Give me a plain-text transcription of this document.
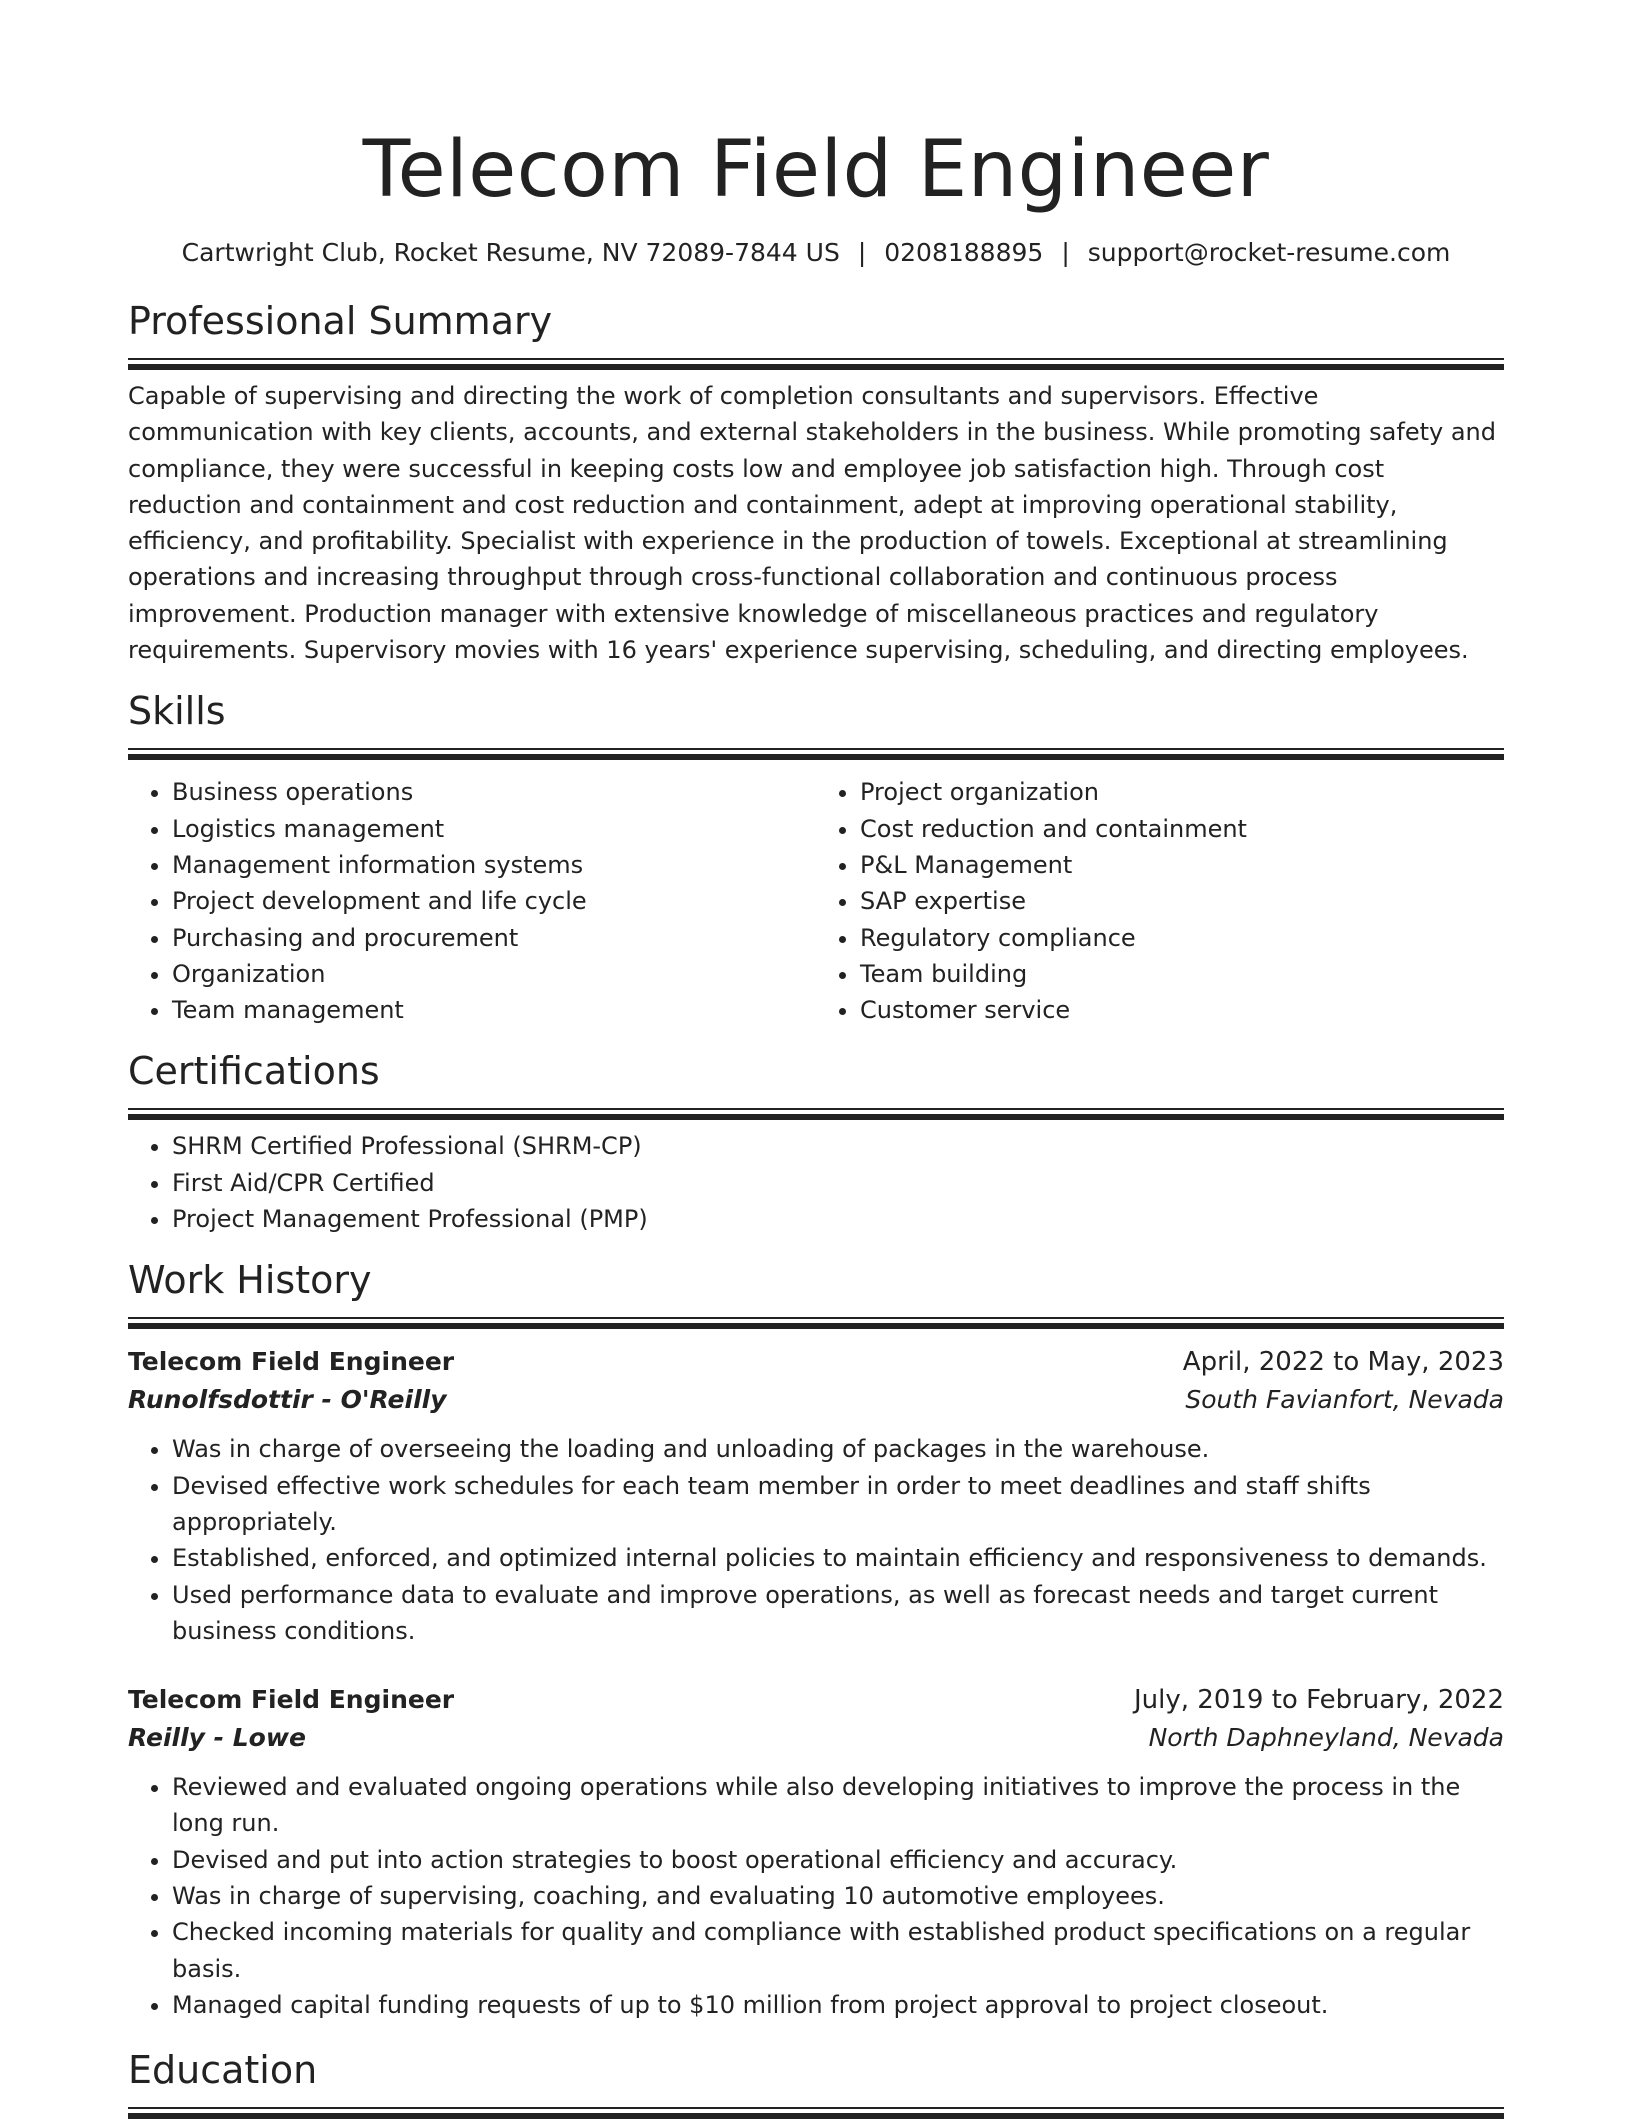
Telecom Field Engineer
Cartwright Club, Rocket Resume, NV 72089-7844 US | 0208188895 | support@rocket-resume.com
Professional Summary

Capable of supervising and directing the work of completion consultants and supervisors. Effective communication with key clients, accounts, and external stakeholders in the business. While promoting safety and compliance, they were successful in keeping costs low and employee job satisfaction high. Through cost reduction and containment and cost reduction and containment, adept at improving operational stability, efficiency, and profitability. Specialist with experience in the production of towels. Exceptional at streamlining operations and increasing throughput through cross-functional collaboration and continuous process improvement. Production manager with extensive knowledge of miscellaneous practices and regulatory requirements. Supervisory movies with 16 years' experience supervising, scheduling, and directing employees.

Skills
• Business operations
• Logistics management
• Management information systems
• Project development and life cycle
• Purchasing and procurement
• Organization
• Team management
• Project organization
• Cost reduction and containment
• P&L Management
• SAP expertise
• Regulatory compliance
• Team building
• Customer service
Certifications
• SHRM Certified Professional (SHRM-CP)
• First Aid/CPR Certified
• Project Management Professional (PMP)
Work History
Telecom Field Engineer	April, 2022 to May, 2023
Runolfsdottir - O'Reilly	South Favianfort, Nevada
• Was in charge of overseeing the loading and unloading of packages in the warehouse.
• Devised effective work schedules for each team member in order to meet deadlines and staff shifts appropriately.
• Established, enforced, and optimized internal policies to maintain efficiency and responsiveness to demands.
• Used performance data to evaluate and improve operations, as well as forecast needs and target current business conditions.
Telecom Field Engineer	July, 2019 to February, 2022
Reilly - Lowe	North Daphneyland, Nevada
• Reviewed and evaluated ongoing operations while also developing initiatives to improve the process in the long run.
• Devised and put into action strategies to boost operational efficiency and accuracy.
• Was in charge of supervising, coaching, and evaluating 10 automotive employees.
• Checked incoming materials for quality and compliance with established product specifications on a regular basis.
• Managed capital funding requests of up to $10 million from project approval to project closeout.
Education
